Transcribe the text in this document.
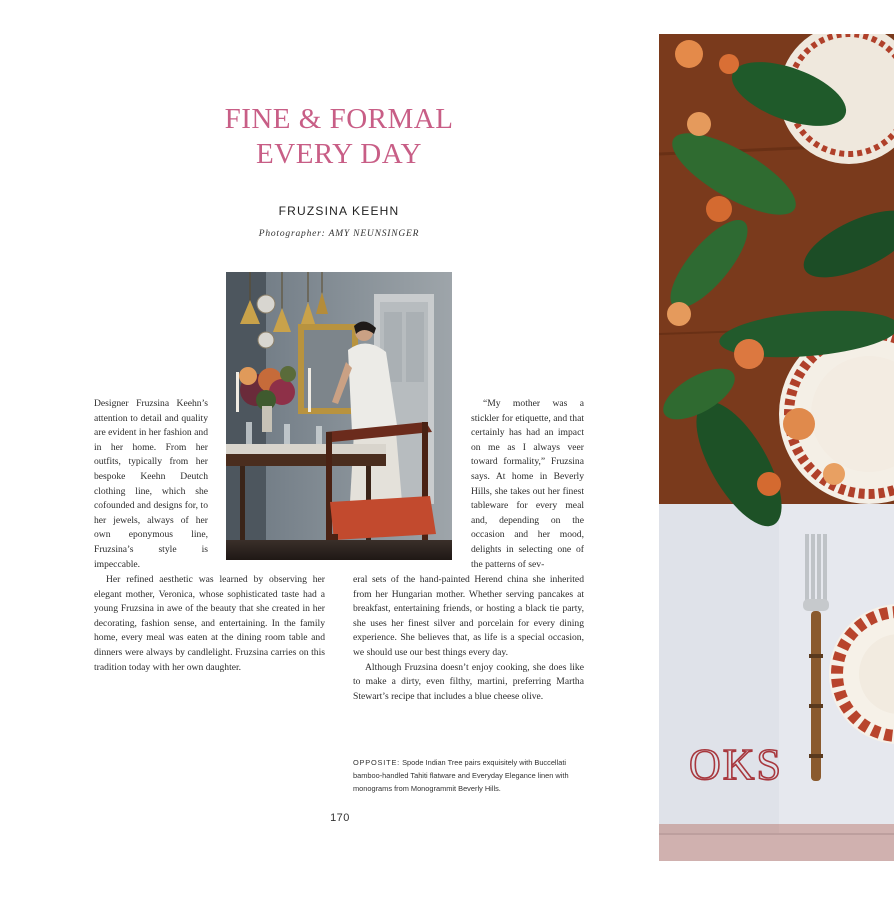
FINE & FORMAL
EVERY DAY
FRUZSINA KEEHN
Photographer: AMY NEUNSINGER

Designer Fruzsina Keehn’s attention to detail and quality are evident in her fashion and in her home. From her outfits, typically from her bespoke Keehn Deutch clothing line, which she cofounded and designs for, to her jewels, always of her own eponymous line, Fruzsina’s style is impeccable.

Her refined aesthetic was learned by observing her elegant mother, Veronica, whose sophisticated taste had a young Fruzsina in awe of the beauty that she created in her decorating, fashion sense, and entertaining. In the family home, every meal was eaten at the dining room table and dinners were always by candlelight. Fruzsina carries on this tradition today with her own daughter.

“My mother was a stickler for etiquette, and that certainly has had an impact on me as I always veer toward formality,” Fruzsina says. At home in Beverly Hills, she takes out her finest tableware for every meal and, depending on the occasion and her mood, delights in selecting one of the patterns of sev-

eral sets of the hand-painted Herend china she inherited from her Hungarian mother. Whether serving pancakes at breakfast, entertaining friends, or hosting a black tie party, she uses her finest silver and porcelain for every dining experience. She believes that, as life is a special occasion, we should use our best things every day.

Although Fruzsina doesn’t enjoy cooking, she does like to make a dirty, even filthy, martini, preferring Martha Stewart’s recipe that includes a blue cheese olive.

OPPOSITE: Spode Indian Tree pairs exquisitely with Buccellati bamboo-handled Tahiti flatware and Everyday Elegance linen with monograms from Monogrammit Beverly Hills.
170
OKS
